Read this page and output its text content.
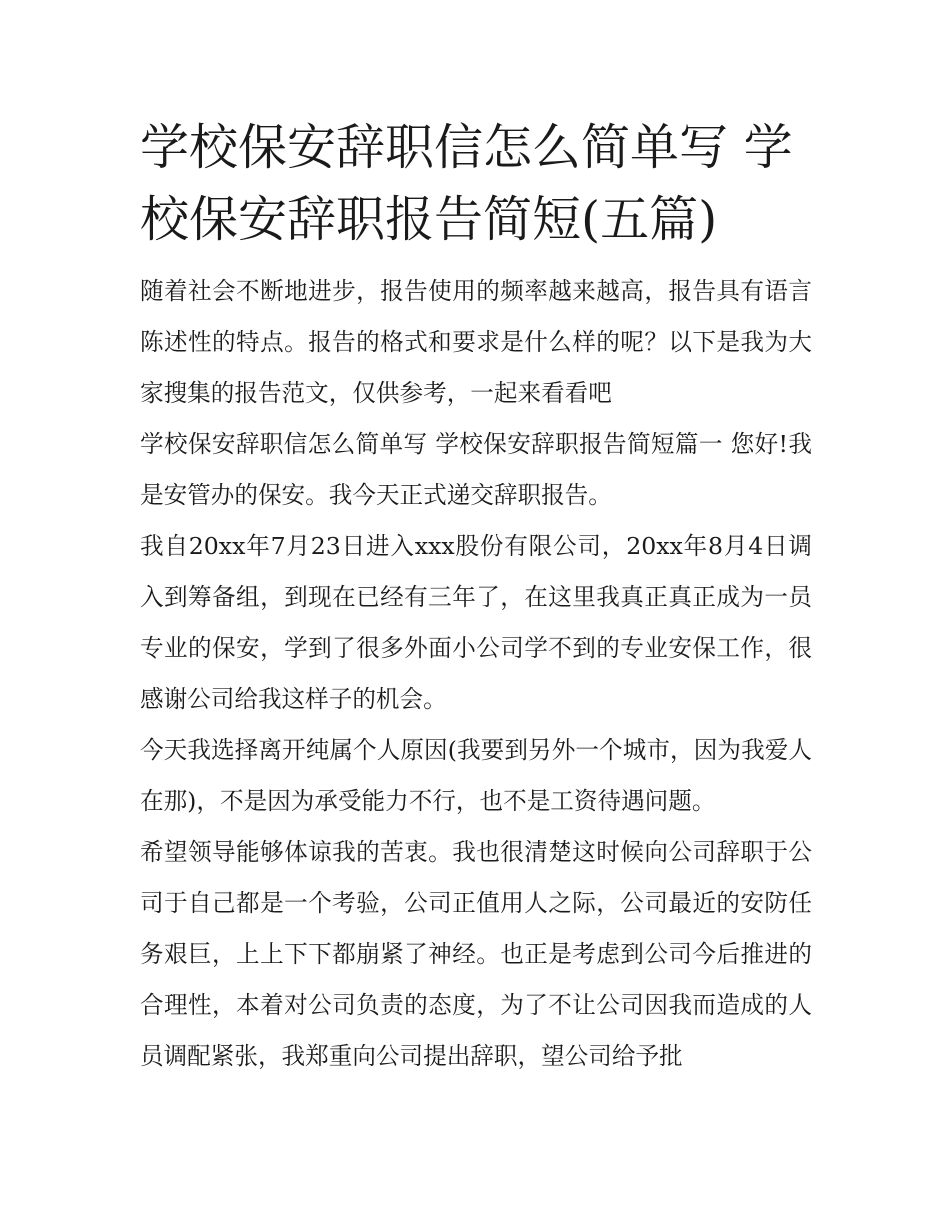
学校保安辞职信怎么简单写 学校保安辞职报告简短(五篇)

随着社会不断地进步，报告使用的频率越来越高，报告具有语言陈述性的特点。报告的格式和要求是什么样的呢？以下是我为大家搜集的报告范文，仅供参考，一起来看看吧

学校保安辞职信怎么简单写 学校保安辞职报告简短篇一 您好!我是安管办的保安。我今天正式递交辞职报告。

我自20xx年7月23日进入xxx股份有限公司，20xx年8月4日调入到筹备组，到现在已经有三年了，在这里我真正真正成为一员专业的保安，学到了很多外面小公司学不到的专业安保工作，很感谢公司给我这样子的机会。

今天我选择离开纯属个人原因(我要到另外一个城市，因为我爱人在那)，不是因为承受能力不行，也不是工资待遇问题。

希望领导能够体谅我的苦衷。我也很清楚这时候向公司辞职于公司于自己都是一个考验，公司正值用人之际，公司最近的安防任务艰巨，上上下下都崩紧了神经。也正是考虑到公司今后推进的合理性，本着对公司负责的态度，为了不让公司因我而造成的人员调配紧张，我郑重向公司提出辞职，望公司给予批
